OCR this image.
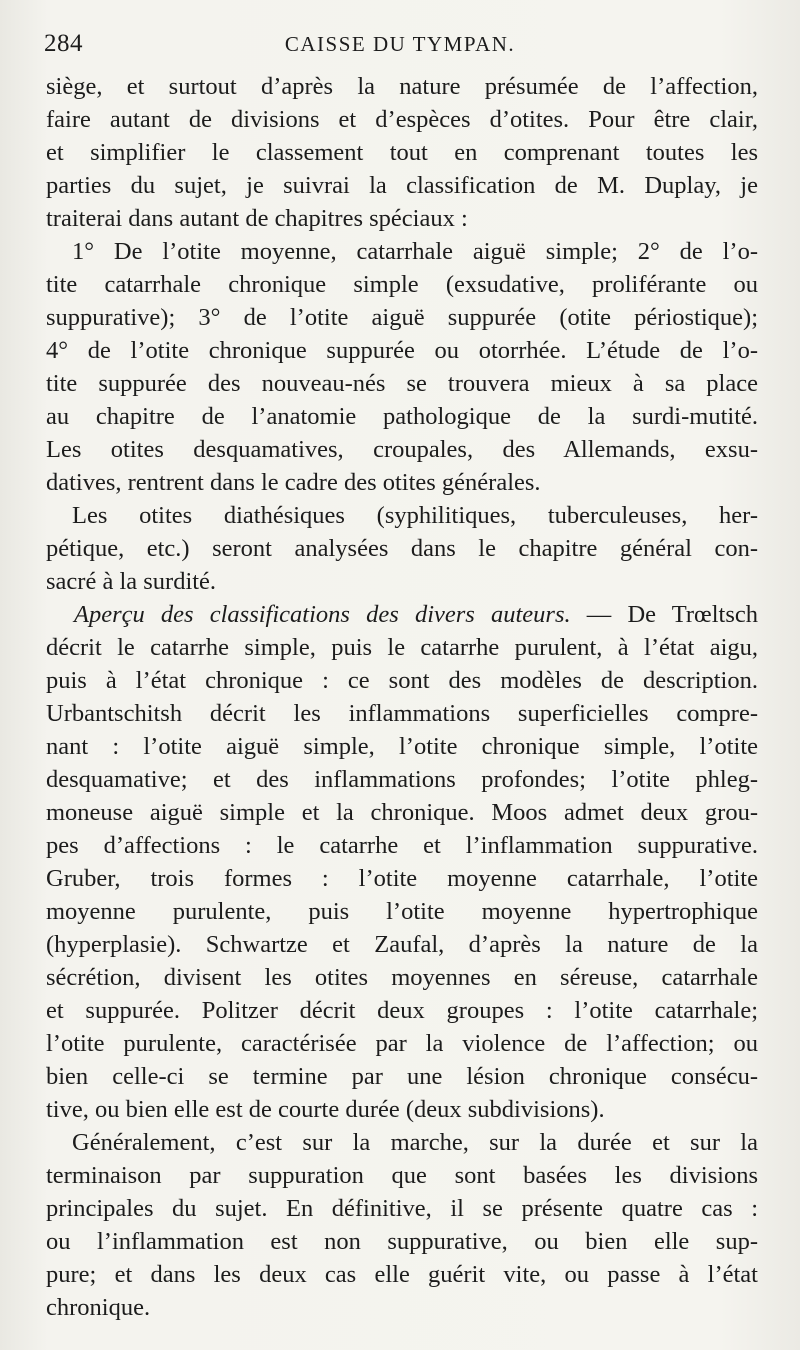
284	CAISSE DU TYMPAN.
siège, et surtout d’après la nature présumée de l’affection,
faire autant de divisions et d’espèces d’otites. Pour être clair,
et simplifier le classement tout en comprenant toutes les
parties du sujet, je suivrai la classification de M. Duplay, je
traiterai dans autant de chapitres spéciaux :
1° De l’otite moyenne, catarrhale aiguë simple; 2° de l’o-
tite catarrhale chronique simple (exsudative, proliférante ou
suppurative); 3° de l’otite aiguë suppurée (otite périostique);
4° de l’otite chronique suppurée ou otorrhée. L’étude de l’o-
tite suppurée des nouveau-nés se trouvera mieux à sa place
au chapitre de l’anatomie pathologique de la surdi-mutité.
Les otites desquamatives, croupales, des Allemands, exsu-
datives, rentrent dans le cadre des otites générales.
Les otites diathésiques (syphilitiques, tuberculeuses, her-
pétique, etc.) seront analysées dans le chapitre général con-
sacré à la surdité.
Aperçu des classifications des divers auteurs. — De Trœltsch
décrit le catarrhe simple, puis le catarrhe purulent, à l’état aigu,
puis à l’état chronique : ce sont des modèles de description.
Urbantschitsh décrit les inflammations superficielles compre-
nant : l’otite aiguë simple, l’otite chronique simple, l’otite
desquamative; et des inflammations profondes; l’otite phleg-
moneuse aiguë simple et la chronique. Moos admet deux grou-
pes d’affections : le catarrhe et l’inflammation suppurative.
Gruber, trois formes : l’otite moyenne catarrhale, l’otite
moyenne purulente, puis l’otite moyenne hypertrophique
(hyperplasie). Schwartze et Zaufal, d’après la nature de la
sécrétion, divisent les otites moyennes en séreuse, catarrhale
et suppurée. Politzer décrit deux groupes : l’otite catarrhale;
l’otite purulente, caractérisée par la violence de l’affection; ou
bien celle-ci se termine par une lésion chronique consécu-
tive, ou bien elle est de courte durée (deux subdivisions).
Généralement, c’est sur la marche, sur la durée et sur la
terminaison par suppuration que sont basées les divisions
principales du sujet. En définitive, il se présente quatre cas :
ou l’inflammation est non suppurative, ou bien elle sup-
pure; et dans les deux cas elle guérit vite, ou passe à l’état
chronique.
